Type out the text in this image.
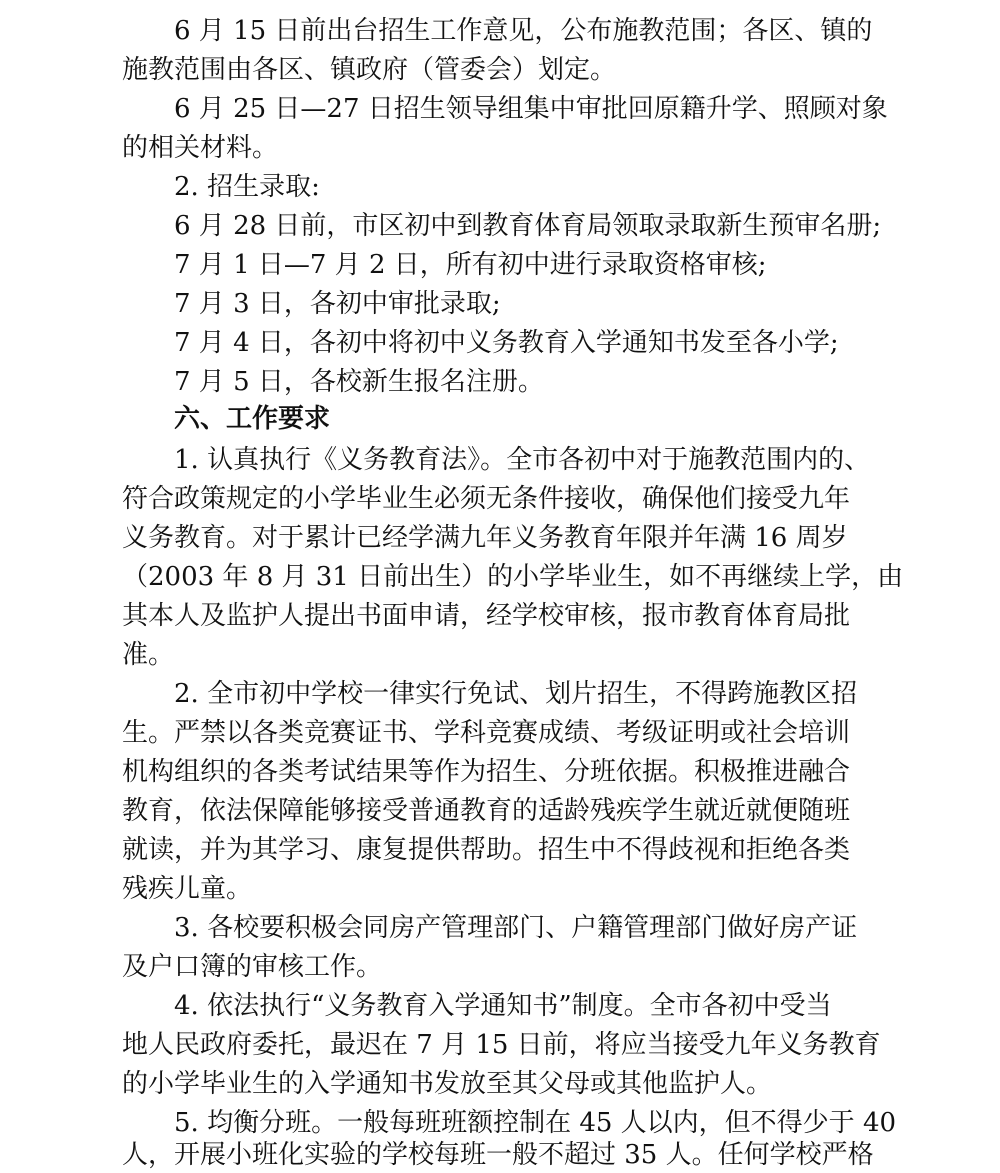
6 月 15 日前出台招生工作意见，公布施教范围；各区、镇的

施教范围由各区、镇政府（管委会）划定。

6 月 25 日—27 日招生领导组集中审批回原籍升学、照顾对象

的相关材料。

2. 招生录取:

6 月 28 日前，市区初中到教育体育局领取录取新生预审名册;

7 月 1 日—7 月 2 日，所有初中进行录取资格审核;

7 月 3 日，各初中审批录取;

7 月 4 日，各初中将初中义务教育入学通知书发至各小学;

7 月 5 日，各校新生报名注册。

六、工作要求

1. 认真执行《义务教育法》。全市各初中对于施教范围内的、

符合政策规定的小学毕业生必须无条件接收，确保他们接受九年

义务教育。对于累计已经学满九年义务教育年限并年满 16 周岁

（2003 年 8 月 31 日前出生）的小学毕业生，如不再继续上学，由

其本人及监护人提出书面申请，经学校审核，报市教育体育局批

准。

2. 全市初中学校一律实行免试、划片招生，不得跨施教区招

生。严禁以各类竞赛证书、学科竞赛成绩、考级证明或社会培训

机构组织的各类考试结果等作为招生、分班依据。积极推进融合

教育，依法保障能够接受普通教育的适龄残疾学生就近就便随班

就读，并为其学习、康复提供帮助。招生中不得歧视和拒绝各类

残疾儿童。

3. 各校要积极会同房产管理部门、户籍管理部门做好房产证

及户口簿的审核工作。

4. 依法执行“义务教育入学通知书”制度。全市各初中受当

地人民政府委托，最迟在 7 月 15 日前，将应当接受九年义务教育

的小学毕业生的入学通知书发放至其父母或其他监护人。

5. 均衡分班。一般每班班额控制在 45 人以内，但不得少于 40

人，开展小班化实验的学校每班一般不超过 35 人。任何学校严格
